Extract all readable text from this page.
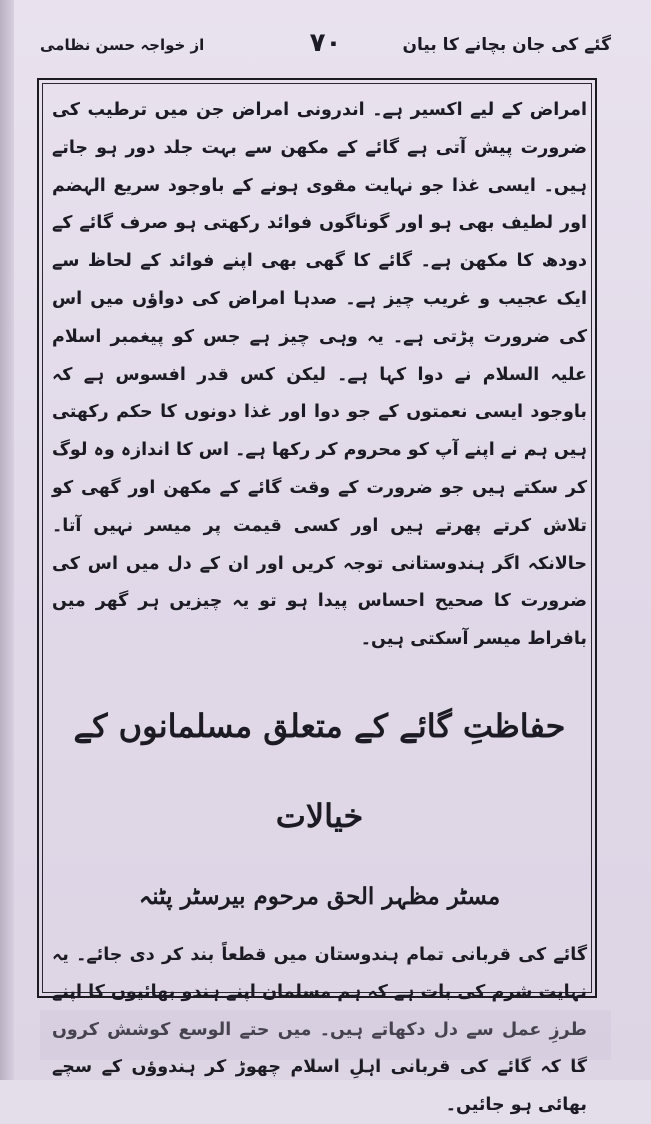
گئے کی جان بچانے کا بیان
۷۰
از خواجہ حسن نظامی

امراض کے لیے اکسیر ہے۔ اندرونی امراض جن میں ترطیب کی ضرورت پیش آتی ہے گائے کے مکھن سے بہت جلد دور ہو جاتے ہیں۔ ایسی غذا جو نہایت مقوی ہونے کے باوجود سریع الہضم اور لطیف بھی ہو اور گوناگوں فوائد رکھتی ہو صرف گائے کے دودھ کا مکھن ہے۔ گائے کا گھی بھی اپنے فوائد کے لحاظ سے ایک عجیب و غریب چیز ہے۔ صدہا امراض کی دواؤں میں اس کی ضرورت پڑتی ہے۔ یہ وہی چیز ہے جس کو پیغمبر اسلام علیہ السلام نے دوا کہا ہے۔ لیکن کس قدر افسوس ہے کہ باوجود ایسی نعمتوں کے جو دوا اور غذا دونوں کا حکم رکھتی ہیں ہم نے اپنے آپ کو محروم کر رکھا ہے۔ اس کا اندازہ وہ لوگ کر سکتے ہیں جو ضرورت کے وقت گائے کے مکھن اور گھی کو تلاش کرتے پھرتے ہیں اور کسی قیمت پر میسر نہیں آتا۔ حالانکہ اگر ہندوستانی توجہ کریں اور ان کے دل میں اس کی ضرورت کا صحیح احساس پیدا ہو تو یہ چیزیں ہر گھر میں بافراط میسر آسکتی ہیں۔

حفاظتِ گائے کے متعلق مسلمانوں کے خیالات
مسٹر مظہر الحق مرحوم بیرسٹر پٹنہ

گائے کی قربانی تمام ہندوستان میں قطعاً بند کر دی جائے۔ یہ نہایت شرم کی بات ہے کہ ہم مسلمان اپنے ہندو بھائیوں کا اپنے طرزِ عمل سے دل دکھاتے ہیں۔ میں حتے الوسع کوشش کروں گا کہ گائے کی قربانی اہلِ اسلام چھوڑ کر ہندوؤں کے سچے بھائی ہو جائیں۔
